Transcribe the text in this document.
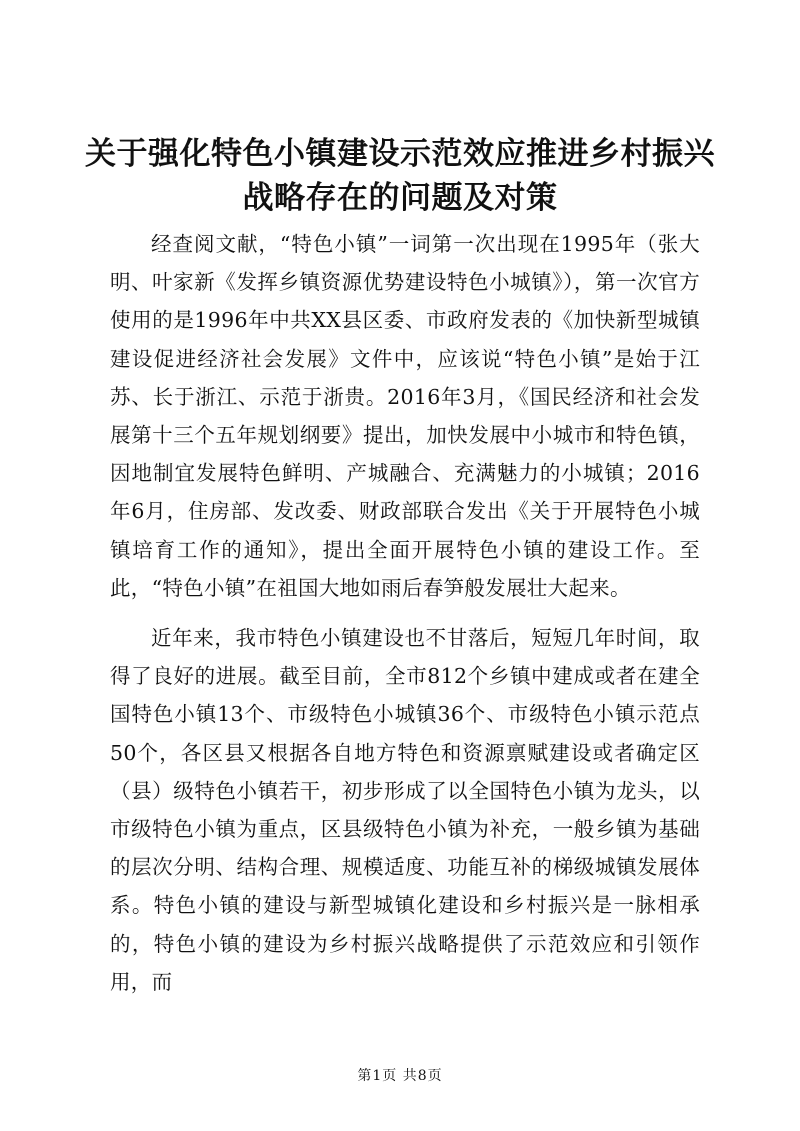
关于强化特色小镇建设示范效应推进乡村振兴战略存在的问题及对策

经查阅文献，“特色小镇”一词第一次出现在1995年（张大明、叶家新《发挥乡镇资源优势建设特色小城镇》），第一次官方使用的是1996年中共XX县区委、市政府发表的《加快新型城镇建设促进经济社会发展》文件中，应该说“特色小镇”是始于江苏、长于浙江、示范于浙贵。2016年3月，《国民经济和社会发展第十三个五年规划纲要》提出，加快发展中小城市和特色镇，因地制宜发展特色鲜明、产城融合、充满魅力的小城镇；2016年6月，住房部、发改委、财政部联合发出《关于开展特色小城镇培育工作的通知》，提出全面开展特色小镇的建设工作。至此，“特色小镇”在祖国大地如雨后春笋般发展壮大起来。

近年来，我市特色小镇建设也不甘落后，短短几年时间，取得了良好的进展。截至目前，全市812个乡镇中建成或者在建全国特色小镇13个、市级特色小城镇36个、市级特色小镇示范点50个，各区县又根据各自地方特色和资源禀赋建设或者确定区（县）级特色小镇若干，初步形成了以全国特色小镇为龙头，以市级特色小镇为重点，区县级特色小镇为补充，一般乡镇为基础的层次分明、结构合理、规模适度、功能互补的梯级城镇发展体系。特色小镇的建设与新型城镇化建设和乡村振兴是一脉相承的，特色小镇的建设为乡村振兴战略提供了示范效应和引领作用，而

第1页 共8页
